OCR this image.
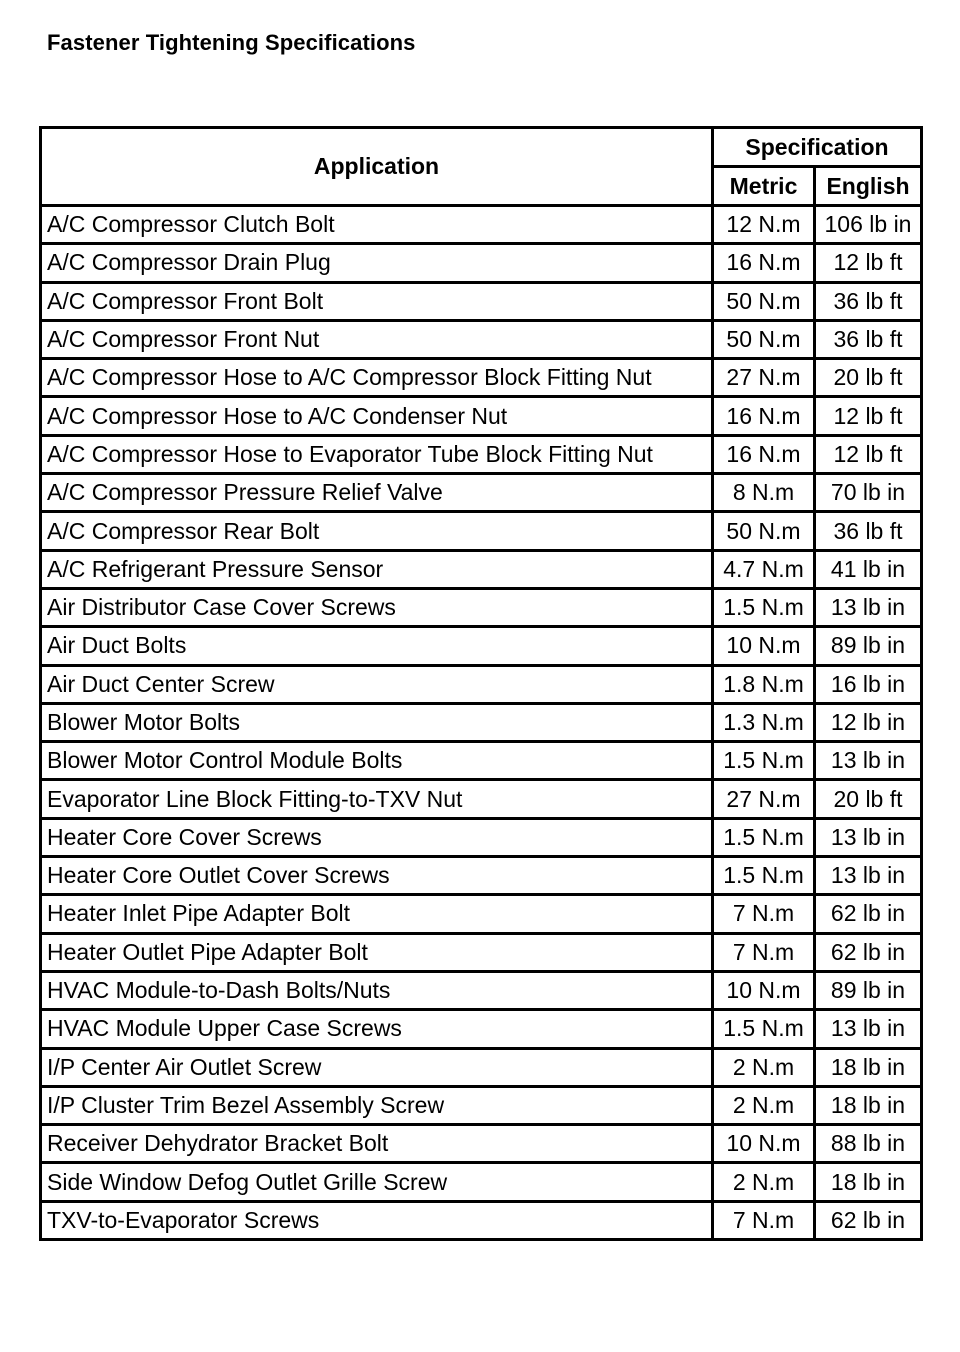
Fastener Tightening Specifications
Application	Specification	
	Metric	English
A/C Compressor Clutch Bolt	12 N.m	106 lb in
A/C Compressor Drain Plug	16 N.m	12 lb ft
A/C Compressor Front Bolt	50 N.m	36 lb ft
A/C Compressor Front Nut	50 N.m	36 lb ft
A/C Compressor Hose to A/C Compressor Block Fitting Nut	27 N.m	20 lb ft
A/C Compressor Hose to A/C Condenser Nut	16 N.m	12 lb ft
A/C Compressor Hose to Evaporator Tube Block Fitting Nut	16 N.m	12 lb ft
A/C Compressor Pressure Relief Valve	8 N.m	70 lb in
A/C Compressor Rear Bolt	50 N.m	36 lb ft
A/C Refrigerant Pressure Sensor	4.7 N.m	41 lb in
Air Distributor Case Cover Screws	1.5 N.m	13 lb in
Air Duct Bolts	10 N.m	89 lb in
Air Duct Center Screw	1.8 N.m	16 lb in
Blower Motor Bolts	1.3 N.m	12 lb in
Blower Motor Control Module Bolts	1.5 N.m	13 lb in
Evaporator Line Block Fitting-to-TXV Nut	27 N.m	20 lb ft
Heater Core Cover Screws	1.5 N.m	13 lb in
Heater Core Outlet Cover Screws	1.5 N.m	13 lb in
Heater Inlet Pipe Adapter Bolt	7 N.m	62 lb in
Heater Outlet Pipe Adapter Bolt	7 N.m	62 lb in
HVAC Module-to-Dash Bolts/Nuts	10 N.m	89 lb in
HVAC Module Upper Case Screws	1.5 N.m	13 lb in
I/P Center Air Outlet Screw	2 N.m	18 lb in
I/P Cluster Trim Bezel Assembly Screw	2 N.m	18 lb in
Receiver Dehydrator Bracket Bolt	10 N.m	88 lb in
Side Window Defog Outlet Grille Screw	2 N.m	18 lb in
TXV-to-Evaporator Screws	7 N.m	62 lb in
